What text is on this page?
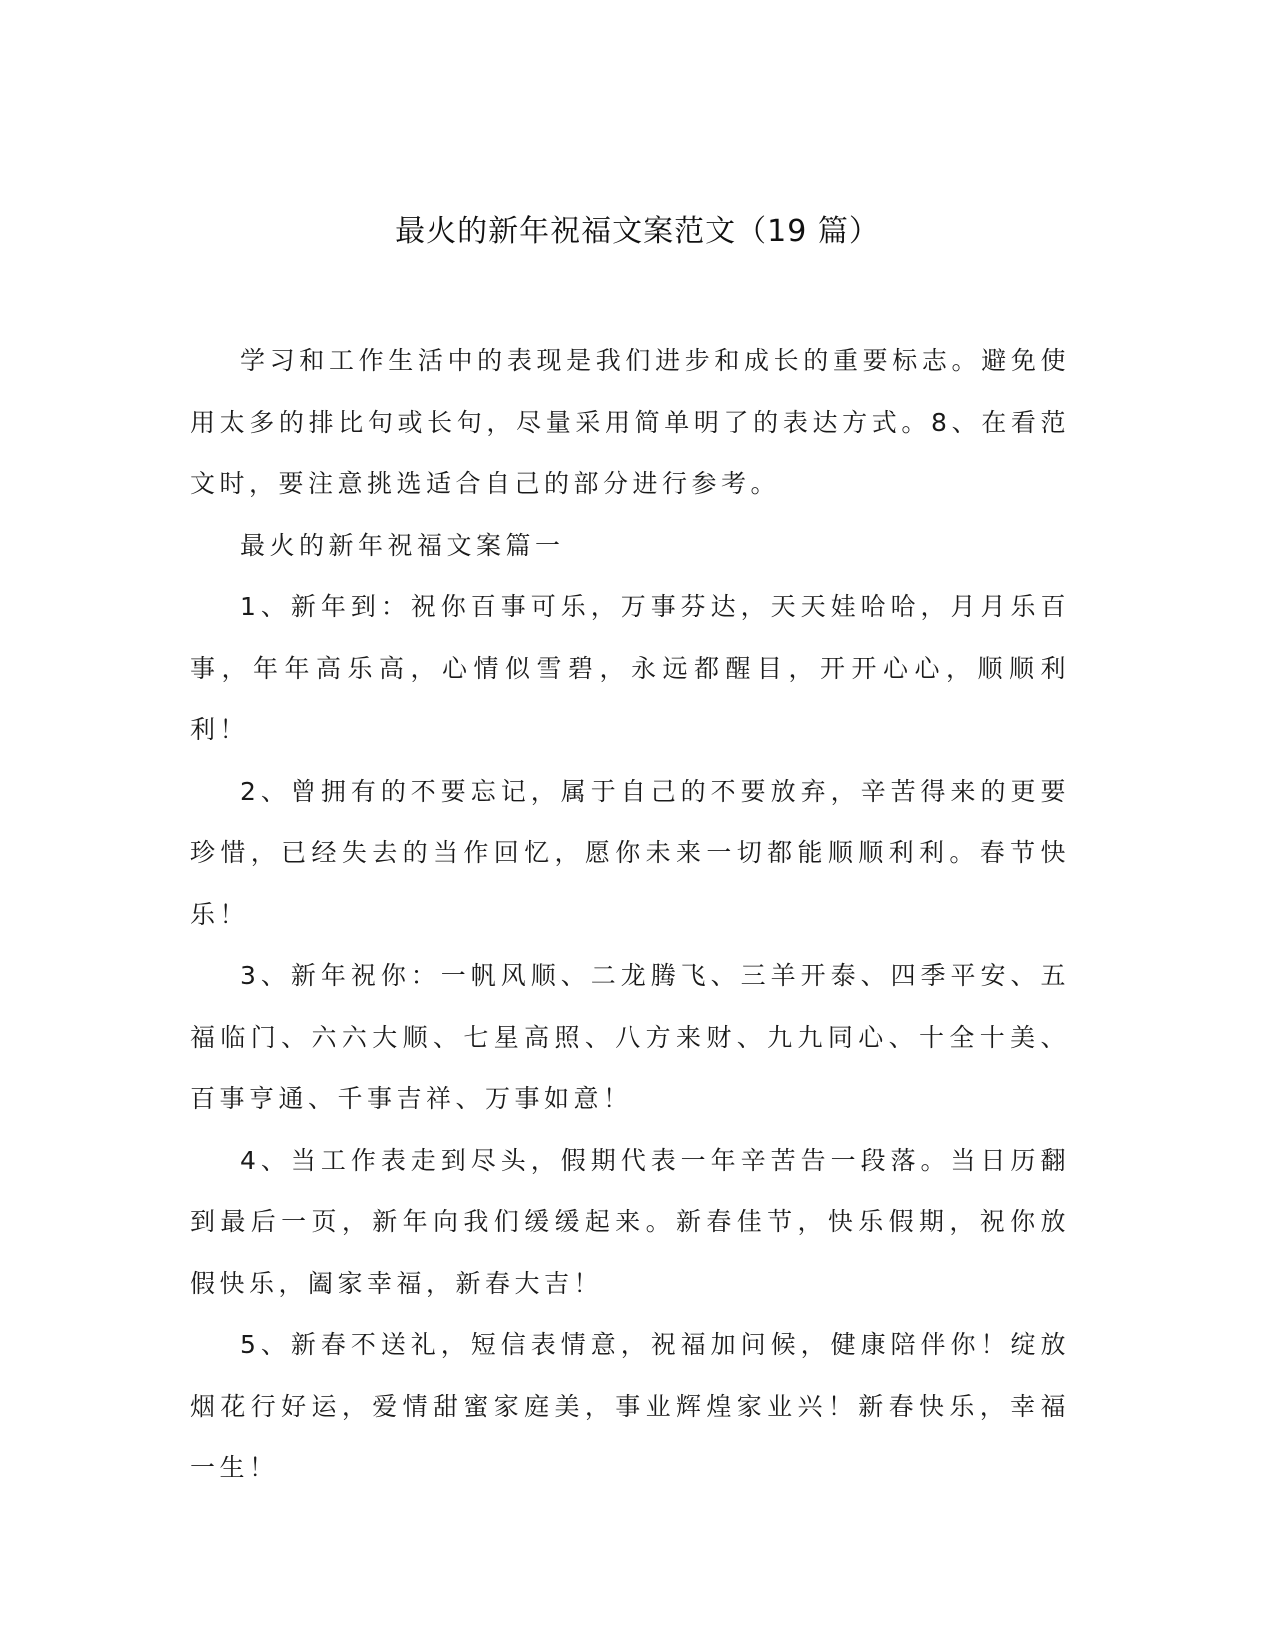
最火的新年祝福文案范文（19 篇）

学习和工作生活中的表现是我们进步和成长的重要标志。避免使用太多的排比句或长句，尽量采用简单明了的表达方式。8、在看范文时，要注意挑选适合自己的部分进行参考。

最火的新年祝福文案篇一

1、新年到：祝你百事可乐，万事芬达，天天娃哈哈，月月乐百事，年年高乐高，心情似雪碧，永远都醒目，开开心心，顺顺利利！

2、曾拥有的不要忘记，属于自己的不要放弃，辛苦得来的更要珍惜，已经失去的当作回忆，愿你未来一切都能顺顺利利。春节快乐！

3、新年祝你：一帆风顺、二龙腾飞、三羊开泰、四季平安、五福临门、六六大顺、七星高照、八方来财、九九同心、十全十美、百事亨通、千事吉祥、万事如意！

4、当工作表走到尽头，假期代表一年辛苦告一段落。当日历翻到最后一页，新年向我们缓缓起来。新春佳节，快乐假期，祝你放假快乐，阖家幸福，新春大吉！

5、新春不送礼，短信表情意，祝福加问候，健康陪伴你！绽放烟花行好运，爱情甜蜜家庭美，事业辉煌家业兴！新春快乐，幸福一生！
